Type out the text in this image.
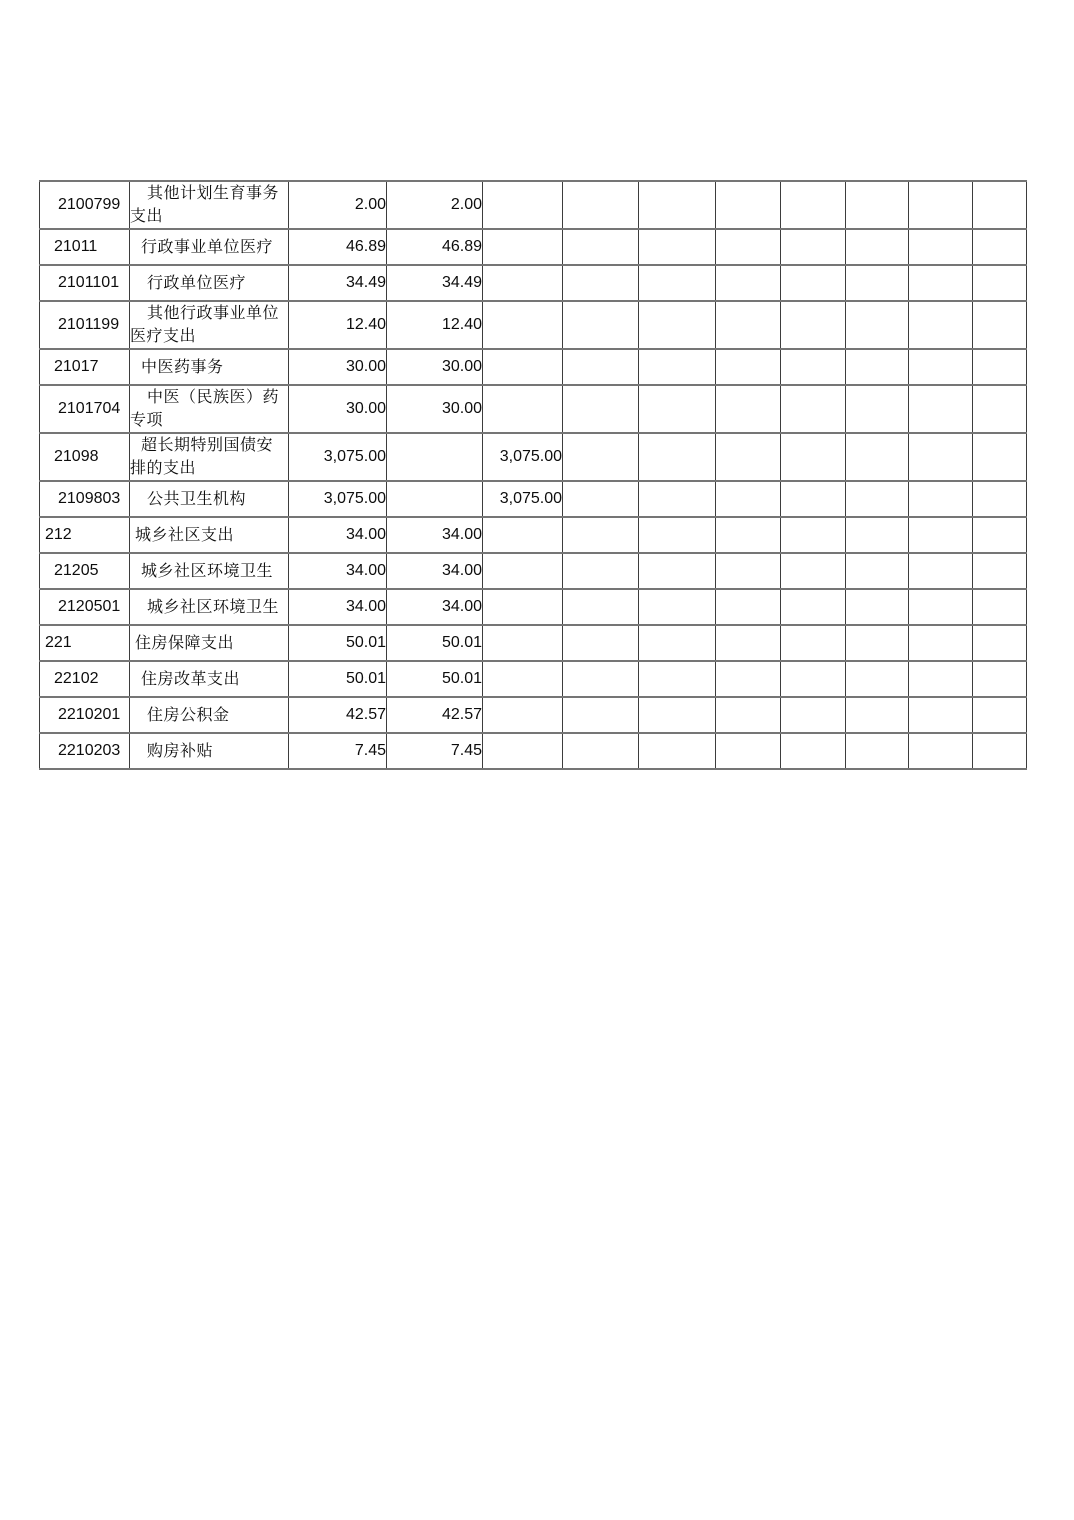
2100799	其他计划生育事务支出	2.00	2.00								
21011	行政事业单位医疗	46.89	46.89								
2101101	行政单位医疗	34.49	34.49								
2101199	其他行政事业单位医疗支出	12.40	12.40								
21017	中医药事务	30.00	30.00								
2101704	中医（民族医）药专项	30.00	30.00								
21098	超长期特别国债安排的支出	3,075.00		3,075.00							
2109803	公共卫生机构	3,075.00		3,075.00							
212	城乡社区支出	34.00	34.00								
21205	城乡社区环境卫生	34.00	34.00								
2120501	城乡社区环境卫生	34.00	34.00								
221	住房保障支出	50.01	50.01								
22102	住房改革支出	50.01	50.01								
2210201	住房公积金	42.57	42.57								
2210203	购房补贴	7.45	7.45								
